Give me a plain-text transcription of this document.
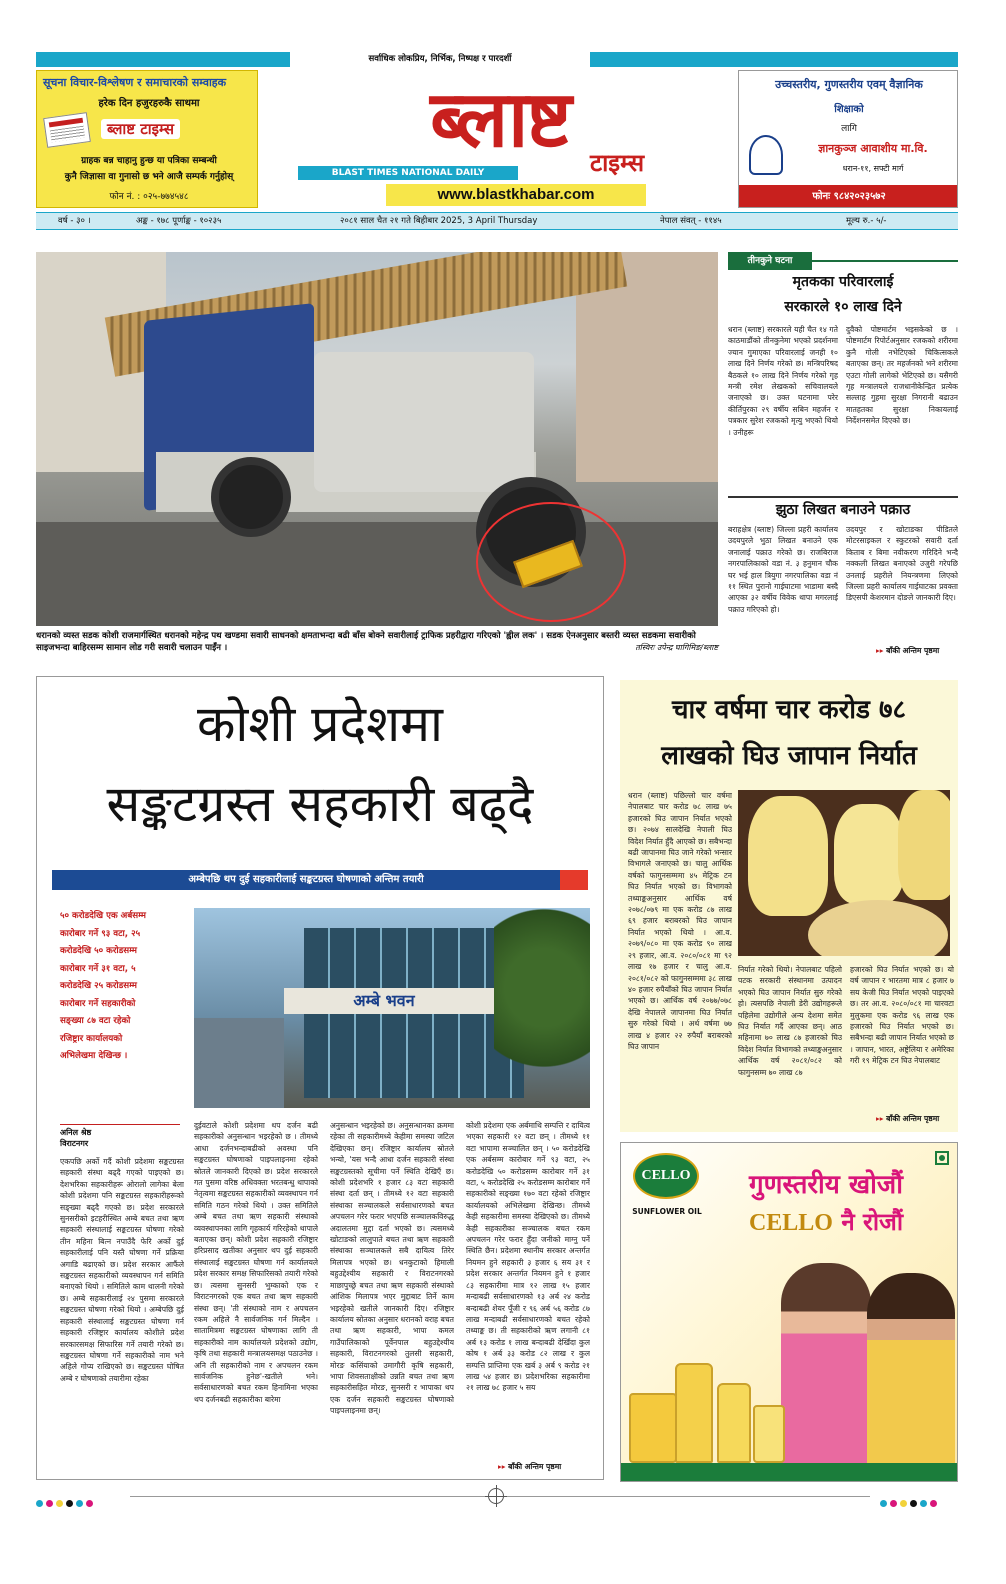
सर्वाधिक लोकप्रिय, निर्भिक, निष्पक्ष र पारदर्शी
सूचना विचार-विश्लेषण र समाचारको सम्वाहक
हरेक दिन हजुरहरुकै साथमा
ब्लाष्ट टाइम्स
ग्राहक बन्न चाहानु हुन्छ या पत्रिका सम्बन्धी
कुनै जिज्ञासा वा गुनासो छ भने आजै सम्पर्क गर्नुहोस्
फोन नं. : ०२५-७७४५४८
ब्लाष्ट टाइम्स
BLAST TIMES NATIONAL DAILY
www.blastkhabar.com
उच्चस्तरीय, गुणस्तरीय एवम् वैज्ञानिक
शिक्षाको
लागि
ज्ञानकुञ्ज आवाशीय मा.वि.
धरान-११, सफ्टी मार्ग
फोनः ९८४२०२३५७२
वर्ष - ३० ।	अङ्क - १७८ पूर्णाङ्क - १०२३५	२०८१ साल चैत २१ गते बिहीबार 2025, 3 April Thursday	नेपाल संवत् - ११४५	मूल्य रु.- ५/-
धरानको व्यस्त सडक कोशी राजमार्गस्थित धरानको महेन्द्र पथ खण्डमा सवारी साधनको क्षमताभन्दा बढी बाँस बोक्ने सवारीलाई ट्राफिक प्रहरीद्वारा गरिएको 'ह्वील लक' । सडक ऐनअनुसार बस्तरी व्यस्त सडकमा सवारीको साइजभन्दा बाहिरसम्म सामान लोड गरी सवारी चलाउन पाईँन ।	तस्विरः उपेन्द्र घागिमिङ/ब्लाष्ट
तीनकुने घटना
मृतकका परिवारलाई
सरकारले १० लाख दिने
धरान (ब्लाष्ट) सरकारले यही चैत १४ गते काठमाडौंको तीनकुनेमा भएको प्रदर्शनमा ज्यान गुमाएका परिवारलाई जनही १० लाख दिने निर्णय गरेको छ। मन्त्रिपरिषद बैठकले १० लाख दिने निर्णय गरेको गृह मन्त्री रमेश लेखकको सचिवालयले जनाएको छ। उक्त घटनामा परेर कीर्तिपुरका २९ वर्षीय सबिन महर्जन र पत्रकार सुरेश रजकको मृत्यु भएको थियो । उनीहरू
दुवैको पोष्टमार्टम भइसकेको छ । पोष्टमार्टम रिपोर्टअनुसार रजकको शरीरमा कुनै गोली नभेटिएको चिकित्सकले बताएका छन्। तर महर्जनको भने शरीरमा एउटा गोली लागेको भेटिएको छ। यसैगरी गृह मन्त्रालयले राजधानीकेन्द्रित प्रत्येक सल्लाह गुहमा सुरक्षा निगरानी बढाउन मातहतका सुरक्षा निकायलाई निर्देशनसमेत दिएको छ।
झुठा लिखत बनाउने पक्राउ
बराहक्षेत्र (ब्लाष्ट) जिल्ला प्रहरी कार्यालय उदयपुरले भुठा लिखत बनाउने एक जनालाई पक्राउ गरेको छ। राजबिराज नगरपालिकाको वडा नं. ३ हनुमान चौक घर भई हाल त्रियुगा नगरपालिका वडा नं ११ स्थित पुरानो गाईघाटमा भाडामा बस्दै आएका ३२ वर्षीय विवेक थापा मगरलाई पक्राउ गरिएको हो।
उदयपुर र खोटाङका पीडितले मोटरसाइकल र स्कुटरको सवारी दर्ता किताब र बिमा नवीकरण गरिदिने भन्दै नक्कली लिखत बनाएको उजुरी गरेपछि उनलाई प्रहरीले नियन्त्रणमा लिएको जिल्ला प्रहरी कार्यालय गाईघाटका प्रवक्ता डिएसपी केशरमान दोङले जानकारी दिए।
▸▸ बाँकी अन्तिम पृष्ठमा
कोशी प्रदेशमा
सङ्कटग्रस्त सहकारी बढ्दै
अम्बेपछि थप दुई सहकारीलाई सङ्कटग्रस्त घोषणाको अन्तिम तयारी
५० करोडदेखि एक अर्बसम्म
कारोबार गर्ने ९३ वटा, २५
करोडदेखि ५० करोडसम्म
कारोबार गर्ने ३१ वटा, ५
करोडदेखि २५ करोडसम्म
कारोबार गर्ने सहकारीको
सङ्ख्या ८७ वटा रहेको
रजिष्ट्रार कार्यालयको
अभिलेखमा देखिन्छ ।
अम्बे भवन
अनिल श्रेष्ठ
विराटनगर
एकपछि अर्को गर्दै कोशी प्रदेशमा सङ्कटग्रस्त सहकारी संस्था बढ्दै गएको पाइएको छ। देशभरिका सहकारीहरू ओरालो लागेका बेला कोशी प्रदेशमा पनि सङ्कटग्रस्त सहकारीहरूको सङ्ख्या बढ्दै गएको छ। प्रदेश सरकारले सुनसरीको इटहरीस्थित अम्बे बचत तथा ऋण सहकारी संस्थालाई सङ्कटग्रस्त घोषणा गरेको तीन महिना बित्न नपाउँदै फेरि अर्को दुई सहकारीलाई पनि यस्तै घोषणा गर्ने प्रक्रिया अगाडि बढाएको छ। प्रदेश सरकार आफैंले सङ्कटग्रस्त सहकारीको व्यवस्थापन गर्न समिति बनाएको थियो । समितिले काम थालनी गरेको छ। अम्बे सहकारीलाई २४ पुसमा सरकारले सङ्कटग्रस्त घोषणा गरेको थियो । अम्बेपछि दुई सहकारी संस्थालाई सङ्कटग्रस्त घोषणा गर्न सहकारी रजिष्ट्रार कार्यालय कोशीले प्रदेश सरकारसमक्ष सिफारिस गर्ने तयारी गरेको छ। सङ्कटग्रस्त घोषणा गर्ने सहकारीको नाम भने अहिले गोप्य राखिएको छ। सङ्कटग्रस्त घोषित अम्बे र घोषणाको तयारीमा रहेका
दुईवटाले कोशी प्रदेशमा थप दर्जन बढी सहकारीको अनुसन्धान भइरहेको छ । तीमध्ये आधा दर्जनभन्दाबढीको अवस्था पनि सङ्कटग्रस्त घोषणाको पाइपलाइनमा रहेको स्रोतले जानकारी दिएको छ। प्रदेश सरकारले गत पुसमा वरिष्ठ अधिवक्ता भरतबन्धु थापाको नेतृत्वमा सङ्कटग्रस्त सहकारीको व्यवस्थापन गर्न समिति गठन गरेको थियो । उक्त समितिले अम्बे बचत तथा ऋण सहकारी संस्थाको व्यवस्थापनका लागि गृहकार्य गरिरहेको थापाले बताएका छन्। कोशी प्रदेश सहकारी रजिष्ट्रार हरिप्रसाद खतीका अनुसार थप दुई सहकारी संस्थालाई सङ्कटग्रस्त घोषणा गर्न कार्यालयले प्रदेश सरकार समक्ष सिफारिसको तयारी गरेको छ। त्यसमा सुनसरी भुम्काको एक र विराटनगरको एक बचत तथा ऋण सहकारी संस्था छन्। 'ती संस्थाको नाम र अपचलन रकम अहिले नै सार्वजनिक गर्न मिल्दैन । सातामित्रमा सङ्कटग्रस्त घोषणाका लागि ती सहकारीको नाम कार्यालयले प्रदेशको उद्योग, कृषि तथा सहकारी मन्त्रालयसमक्ष पठाउनेछ । अनि ती सहकारीको नाम र अपचलन रकम सार्वजनिक हुनेछ'-खतीले भने। सर्वसाधारणको बचत रकम हिनामिना भएका थप दर्जनबढी सहकारीका बारेमा
अनुसन्धान भइरहेको छ। अनुसन्धानका क्रममा रहेका ती सहकारीमध्ये केहीमा समस्या जटिल देखिएका छन्। रजिष्ट्रार कार्यालय स्रोतले भन्यो, 'यस भन्दै आधा दर्जन सहकारी संस्था सङ्कटग्रस्तको सूचीमा पर्ने स्थिति देखिएँ छ। कोशी प्रदेशभरि १ हजार ८३ वटा सहकारी संस्था दर्ता छन् । तीमध्ये १२ वटा सहकारी संस्थाका सञ्चालकले सर्वसाधारणको बचत अपचलन गरेर फरार भएपछि सञ्चालकविरुद्ध अदालतमा मुद्दा दर्ता भएको छ। त्यसमध्ये खोटाङको लालुपाते बचत तथा ऋण सहकारी संस्थाका सञ्चालकले सबै दायित्व तिरेर मिलापत्र भएको छ। धनकुटाको हिमाली बहुउद्देश्यीय सहकारी र विराटनगरको माछापुच्छ्रे बचत तथा ऋण सहकारी संस्थाको आंशिक मिलापत्र भएर मुद्दाबाट तिर्ने काम भइरहेको खतीले जानकारी दिए। रजिष्ट्रार कार्यालय स्रोतका अनुसार धरानको वराह बचत तथा ऋण सहकारी, भापा कमल गाउँपालिकाको पूर्वेनपाल बहुउद्देश्यीय सहकारी, विराटनगरको तुलसी सहकारी, मोरङ कसिंयाको उमागौरी कृषि सहकारी, भापा शिवसताक्षीको उन्नति बचत तथा ऋण सहकारीसहित मोरङ, सुनसरी र भापाका थप एक दर्जन सहकारी सङ्कटग्रस्त घोषणाको पाइपलाइनमा छन्।
कोशी प्रदेशमा एक अर्बमाथि सम्पत्ति र दायित्व भएका सहकारी १२ वटा छन् । तीमध्ये ११ वटा भापामा सञ्चालित छन् । ५० करोडदेखि एक अर्बसम्म कारोबार गर्ने ९३ वटा, २५ करोडदेखि ५० करोडसम्म कारोबार गर्ने ३१ वटा, ५ करोडदेखि २५ करोडसम्म कारोबार गर्ने सहकारीको सङ्ख्या १७० वटा रहेको रजिष्ट्रार कार्यालयको अभिलेखमा देखिन्छ। तीमध्ये केही सहकारीमा समस्या देखिएको छ। तीमध्ये केही सहकारीका सञ्चालक बचत रकम अपचलन गरेर फरार हुँदा जनीको माग्नु पर्ने स्थिति छैन। प्रदेशमा स्थानीय सरकार अन्तर्गत नियमन हुने सहकारी ३ हजार ६ सय ३१ र प्रदेश सरकार अन्तर्गत नियमन हुने १ हजार ८३ सहकारीमा मात्र १२ लाख १५ हजार मन्दाबढी सर्वसाधारणको १३ अर्ब २४ करोड बन्दाबढी शेयर पूँजी र ९६ अर्ब ५६ करोड ८७ लाख मन्दाबढी सर्वसाधारणको बचत रहेको तथ्याङ्क छ। ती सहकारीको ऋण लगानी ८१ अर्ब १३ करोड १ लाख बन्दाबढी देखिँदा कुल कोष १ अर्ब ३३ करोड ८२ लाख र कुल सम्पत्ति प्राप्तिमा एक खर्ब ३ अर्ब ९ करोड २१ लाख ५४ हजार छ। प्रदेशभरिका सहकारीमा २१ लाख ७८ हजार ५ सय
▸▸ बाँकी अन्तिम पृष्ठमा
चार वर्षमा चार करोड ७८
लाखको घिउ जापान निर्यात
धरान (ब्लाष्ट) पछिल्लो चार वर्षमा नेपालबाट चार करोड ७८ लाख ७५ हजारको घिउ जापान निर्यात भएको छ। २०७४ सालदेखि नेपाली घिउ विदेश निर्यात हुँदै आएको छ। सबैभन्दा बढी जापानमा घिउ जाने गरेको भन्सार विभागले जनाएको छ। चालु आर्थिक वर्षको फागुनसम्ममा ४५ मेट्रिक टन घिउ निर्यात भएको छ। विभागको तथ्याङ्कअनुसार आर्थिक वर्ष २०७८/०७९ मा एक करोड ८७ लाख ६९ हजार बराबरको घिउ जापान निर्यात भएको थियो । आ.व. २०७९/०८० मा एक करोड ९० लाख २९ हजार, आ.व. २०८०/०८१ मा ९२ लाख १७ हजार र चालु आ.व. २०८१/०८२ को फागुनसम्ममा ३८ लाख ४० हजार रुपैयाँको घिउ जापान निर्यात भएको छ। आर्थिक वर्ष २०७७/०७८ देखि नेपालले जापानमा घिउ निर्यात सुरु गरेको थियो । अर्थ वर्षमा ७७ लाख ४ हजार २२ रुपैयाँ बराबरको घिउ जापान
निर्यात गरेको थियो। नेपालबाट पहिलो पटक सरकारी संस्थानमा उत्पादन भएको घिउ जापान निर्यात सुरु गरेको हो। त्यसपछि नेपाली डेरी उद्योगहरूले पहिलेमा उद्योगीले अन्य देशमा समेत घिउ निर्यात गर्दै आएका छन्। आठ महिनामा ७० लाख ८७ हजारको घिउ विदेश निर्यात विभागको तथ्याङ्कअनुसार आर्थिक वर्ष २०८१/०८२ को फागुनसम्म ७० लाख ८७
हजारको घिउ निर्यात भएको छ। यो वर्ष जापान र भारतमा मात्र ८ हजार ७ सय केजी घिउ निर्यात भएको पाइएको छ। तर आ.व. २०८०/०८१ मा चारवटा मुलुकमा एक करोड ९६ लाख एक हजारको घिउ निर्यात भएको छ। सबैभन्दा बढी जापान निर्यात भएको छ । जापान, भारत, अष्ट्रेलिया र अमेरिका गरी १९ मेट्रिक टन घिउ नेपालबाट
▸▸ बाँकी अन्तिम पृष्ठमा
CELLO
SUNFLOWER OIL
गुणस्तरीय खोजौं
CELLO नै रोजौं
